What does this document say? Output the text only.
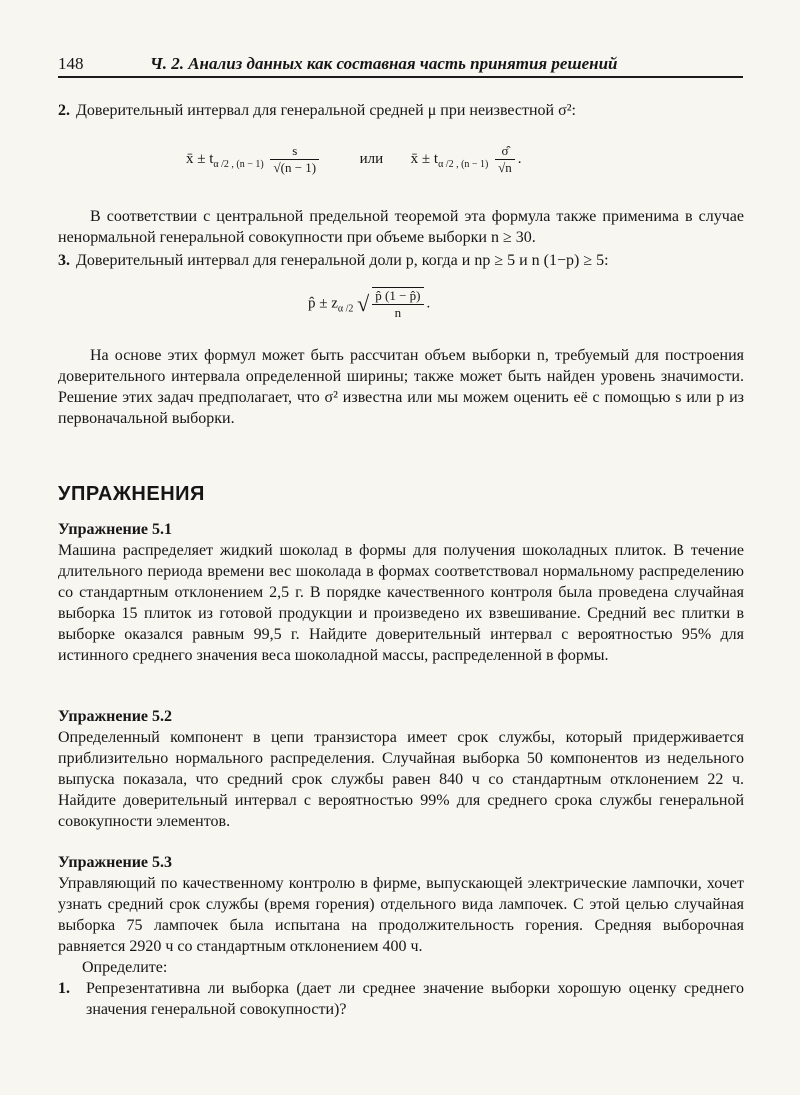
148	Ч. 2. Анализ данных как составная часть принятия решений
2. Доверительный интервал для генеральной средней μ при неизвестной σ²:
x̄ ± $t_{\alpha /2 , (n - 1)} \frac{s}{√(n - 1)}$	или x̄ ± $t_{\alpha /2 , (n - 1)} \frac{\sigmâ}{√n}$ .
В соответствии с центральной предельной теоремой эта формула также применима в случае ненормальной генеральной совокупности при объеме выборки n ≥ 30.
3. Доверительный интервал для генеральной доли p, когда и np ≥ 5 и n (1−p) ≥ 5:
p̂ ± $z_{\alpha /2}$ √ $\frac{p̂ (1 - p̂)}{n}$ .
На основе этих формул может быть рассчитан объем выборки n, требуемый для построения доверительного интервала определенной ширины; также может быть найден уровень значимости. Решение этих задач предполагает, что σ² известна или мы можем оценить её с помощью s или p из первоначальной выборки.
УПРАЖНЕНИЯ
Упражнение 5.1
Машина распределяет жидкий шоколад в формы для получения шоколадных плиток. В течение длительного периода времени вес шоколада в формах соответствовал нормальному распределению со стандартным отклонением 2,5 г. В порядке качественного контроля была проведена случайная выборка 15 плиток из готовой продукции и произведено их взвешивание. Средний вес плитки в выборке оказался равным 99,5 г. Найдите доверительный интервал с вероятностью 95% для истинного среднего значения веса шоколадной массы, распределенной в формы.
Упражнение 5.2
Определенный компонент в цепи транзистора имеет срок службы, который придерживается приблизительно нормального распределения. Случайная выборка 50 компонентов из недельного выпуска показала, что средний срок службы равен 840 ч со стандартным отклонением 22 ч. Найдите доверительный интервал с вероятностью 99% для среднего срока службы генеральной совокупности элементов.
Упражнение 5.3
Управляющий по качественному контролю в фирме, выпускающей электрические лампочки, хочет узнать средний срок службы (время горения) отдельного вида лампочек. С этой целью случайная выборка 75 лампочек была испытана на продолжительность горения. Средняя выборочная равняется 2920 ч со стандартным отклонением 400 ч.
Определите:
1. Репрезентативна ли выборка (дает ли среднее значение выборки хорошую оценку среднего значения генеральной совокупности)?
